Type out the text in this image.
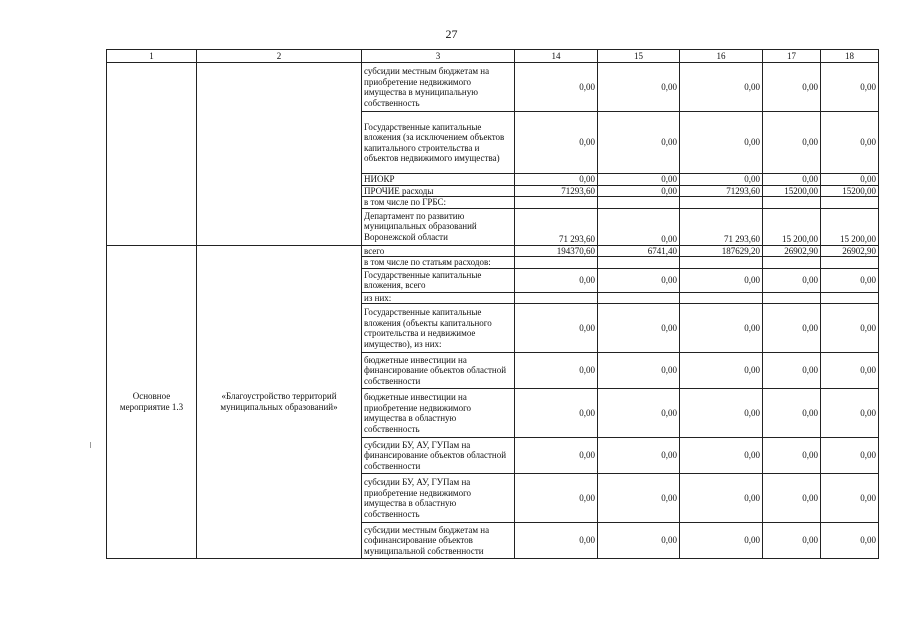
27
1	2	3	14	15	16	17	18
		субсидии местным бюджетам на приобретение недвижимого имущества в муниципальную собственность	0,00	0,00	0,00	0,00	0,00
		Государственные капитальные вложения (за исключением объектов капитального строительства и объектов недвижимого имущества)	0,00	0,00	0,00	0,00	0,00
		НИОКР	0,00	0,00	0,00	0,00	0,00
		ПРОЧИЕ расходы	71293,60	0,00	71293,60	15200,00	15200,00
		в том числе по ГРБС:					
		Департамент по развитию муниципальных образований Воронежской области	71 293,60	0,00	71 293,60	15 200,00	15 200,00
Основное мероприятие 1.3	«Благоустройство территорий муниципальных образований»	всего	194370,60	6741,40	187629,20	26902,90	26902,90
		в том числе по статьям расходов:					
		Государственные капитальные вложения, всего	0,00	0,00	0,00	0,00	0,00
		из них:					
		Государственные капитальные вложения (объекты капитального строительства и недвижимое имущество), из них:	0,00	0,00	0,00	0,00	0,00
		бюджетные инвестиции на финансирование объектов областной собственности	0,00	0,00	0,00	0,00	0,00
		бюджетные инвестиции на приобретение недвижимого имущества в областную собственность	0,00	0,00	0,00	0,00	0,00
		субсидии БУ, АУ, ГУПам на финансирование объектов областной собственности	0,00	0,00	0,00	0,00	0,00
		субсидии БУ, АУ, ГУПам на приобретение недвижимого имущества в областную собственность	0,00	0,00	0,00	0,00	0,00
		субсидии местным бюджетам на софинансирование объектов муниципальной собственности	0,00	0,00	0,00	0,00	0,00
